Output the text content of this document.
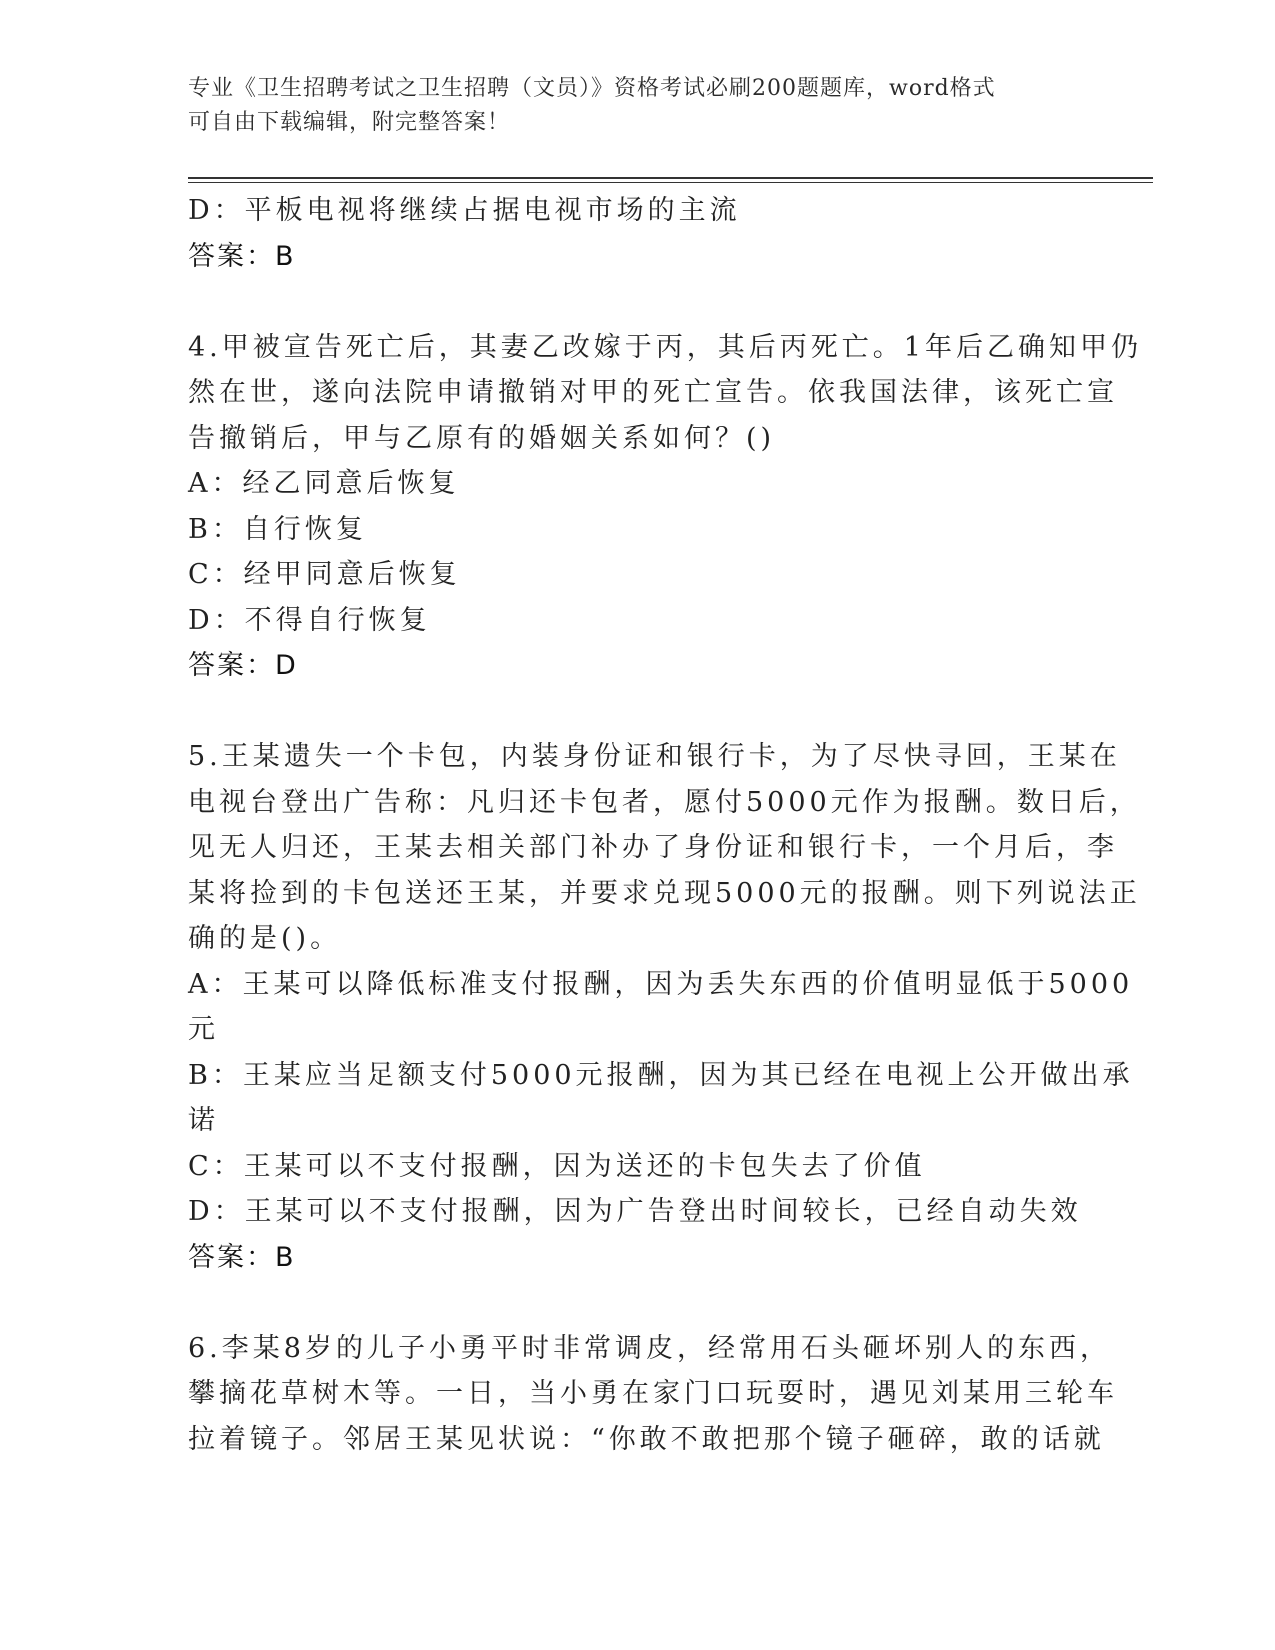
专业《卫生招聘考试之卫生招聘（文员）》资格考试必刷200题题库，word格式
可自由下载编辑，附完整答案！
D：平板电视将继续占据电视市场的主流
答案：B
4.甲被宣告死亡后，其妻乙改嫁于丙，其后丙死亡。1年后乙确知甲仍
然在世，遂向法院申请撤销对甲的死亡宣告。依我国法律，该死亡宣
告撤销后，甲与乙原有的婚姻关系如何？()
A：经乙同意后恢复
B：自行恢复
C：经甲同意后恢复
D：不得自行恢复
答案：D
5.王某遗失一个卡包，内装身份证和银行卡，为了尽快寻回，王某在
电视台登出广告称：凡归还卡包者，愿付5000元作为报酬。数日后，
见无人归还，王某去相关部门补办了身份证和银行卡，一个月后，李
某将捡到的卡包送还王某，并要求兑现5000元的报酬。则下列说法正
确的是()。
A：王某可以降低标准支付报酬，因为丢失东西的价值明显低于5000
元
B：王某应当足额支付5000元报酬，因为其已经在电视上公开做出承
诺
C：王某可以不支付报酬，因为送还的卡包失去了价值
D：王某可以不支付报酬，因为广告登出时间较长，已经自动失效
答案：B
6.李某8岁的儿子小勇平时非常调皮，经常用石头砸坏别人的东西，
攀摘花草树木等。一日，当小勇在家门口玩耍时，遇见刘某用三轮车
拉着镜子。邻居王某见状说：“你敢不敢把那个镜子砸碎，敢的话就
